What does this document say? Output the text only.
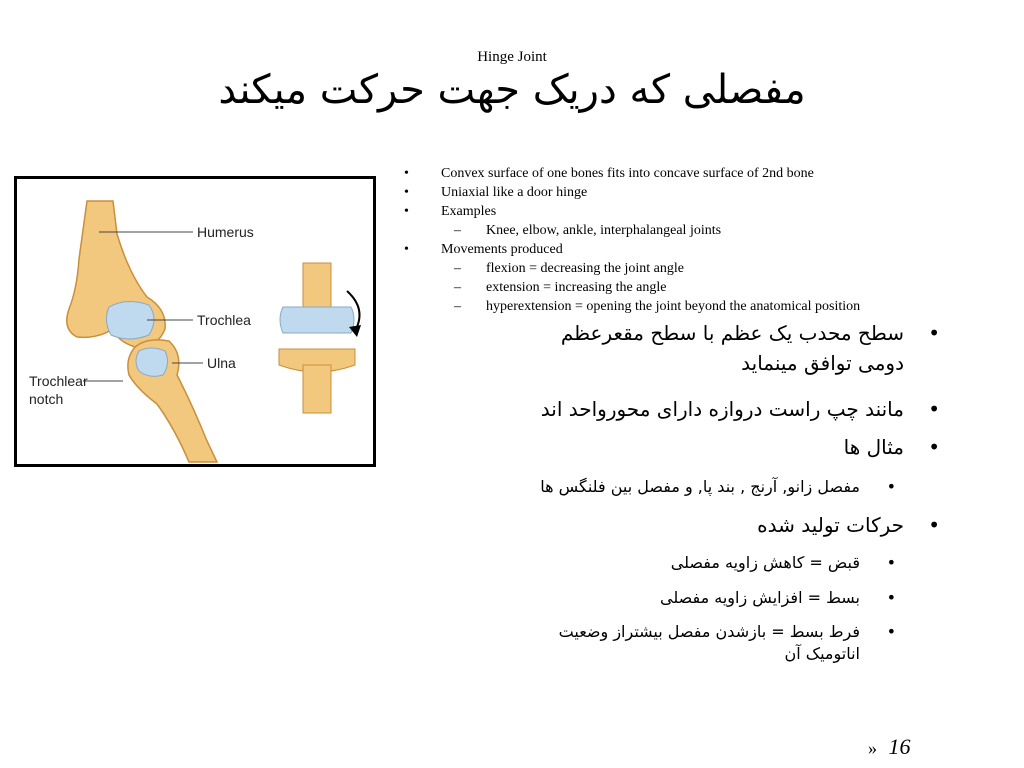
Hinge Joint
مفصلی که دریک جهت حرکت میکند
Humerus
Trochlea
Ulna
Trochlear
notch
• Convex surface of one bones fits into concave surface of 2nd bone
• Uniaxial like a door hinge
• Examples
– Knee, elbow, ankle, interphalangeal joints
• Movements produced
– flexion = decreasing the joint angle
– extension = increasing the angle
– hyperextension = opening the joint beyond the anatomical position
•
سطح محدب یک عظم با سطح مقعرعظم
دومی توافق مینماید
•
مانند چپ راست دروازه دارای محورواحد اند
•
مثال ها
•
مفصل زانو, آرنج , بند پا, و مفصل بین فلنگس ها
•
حرکات تولید شده
•
قبض = کاهش زاویه مفصلی
•
بسط = افزایش زاویه مفصلی
•
فرط بسط = بازشدن مفصل بیشتراز وضعیت
اناتومیک آن
» 16
